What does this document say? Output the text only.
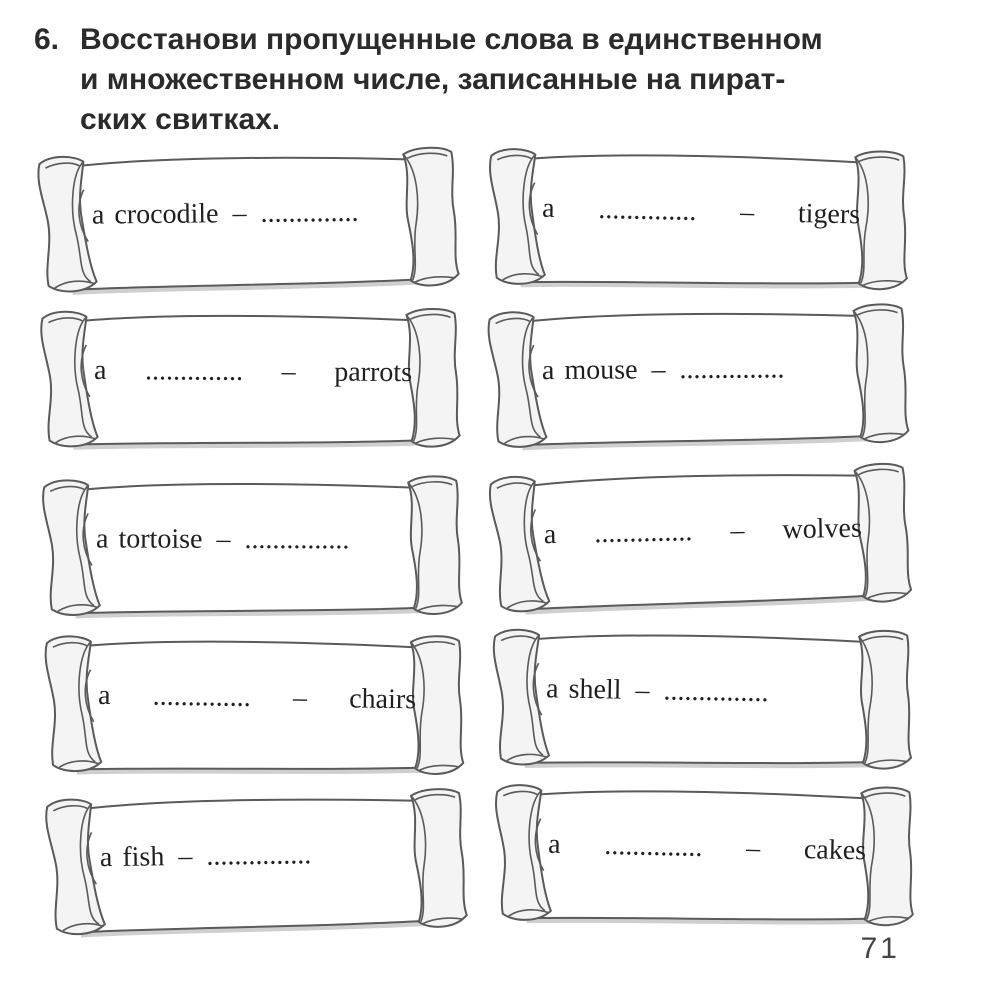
6. Восстанови пропущенные слова в единственном
и множественном числе, записанные на пират-
ских свитках.
a crocodile – ..............	a .............. – tigers
a .............. – parrots	a mouse – ...............
a tortoise – ...............	a .............. – wolves
a .............. – chairs	a shell – ...............
a fish – ...............	a .............. – cakes
71
